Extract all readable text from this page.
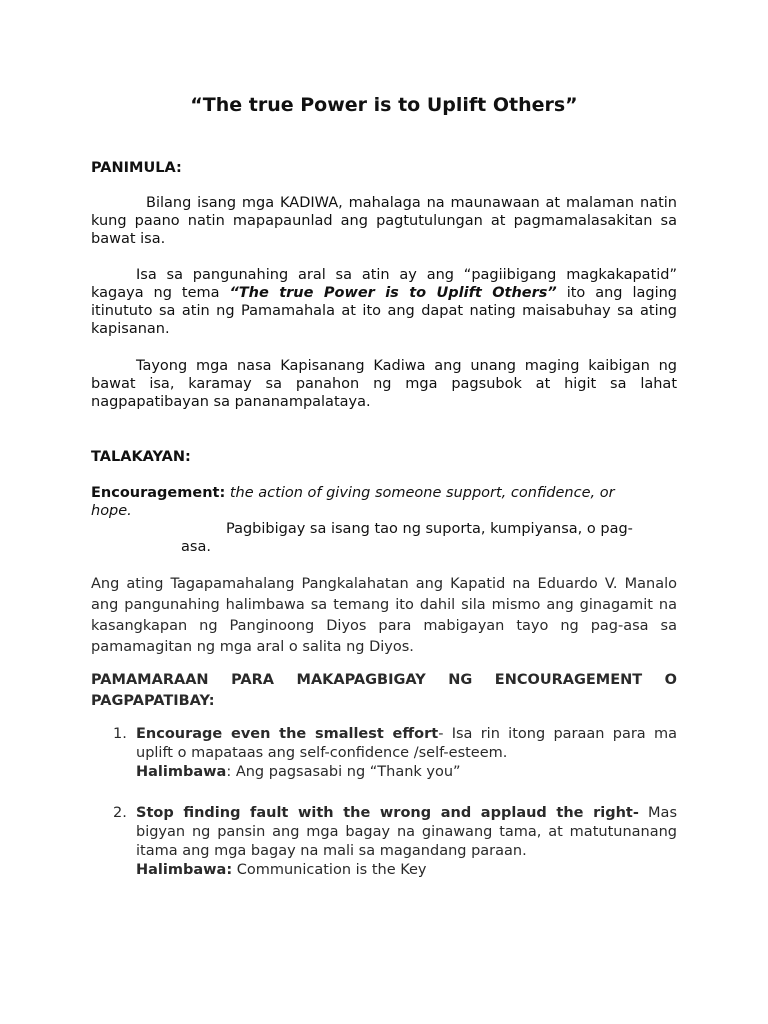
“The true Power is to Uplift Others”
PANIMULA:
Bilang isang mga KADIWA, mahalaga na maunawaan at malaman natin kung paano natin mapapaunlad ang pagtutulungan at pagmamalasakitan sa bawat isa.
Isa sa pangunahing aral sa atin ay ang “pagiibigang magkakapatid” kagaya ng tema “The true Power is to Uplift Others” ito ang laging itinututo sa atin ng Pamamahala at ito ang dapat nating maisabuhay sa ating kapisanan.
Tayong mga nasa Kapisanang Kadiwa ang unang maging kaibigan ng bawat isa, karamay sa panahon ng mga pagsubok at higit sa lahat nagpapatibayan sa pananampalataya.
TALAKAYAN:
Encouragement: the action of giving someone support, confidence, or
hope.
Pagbibigay sa isang tao ng suporta, kumpiyansa, o pag-
asa.
Ang ating Tagapamahalang Pangkalahatan ang Kapatid na Eduardo V. Manalo ang pangunahing halimbawa sa temang ito dahil sila mismo ang ginagamit na kasangkapan ng Panginoong Diyos para mabigayan tayo ng pag-asa sa pamamagitan ng mga aral o salita ng Diyos.
PAMAMARAAN PARA MAKAPAGBIGAY NG ENCOURAGEMENT O
PAGPAPATIBAY:
1. Encourage even the smallest effort- Isa rin itong paraan para ma uplift o mapataas ang self-confidence /self-esteem.
Halimbawa: Ang pagsasabi ng “Thank you”
2. Stop finding fault with the wrong and applaud the right- Mas bigyan ng pansin ang mga bagay na ginawang tama, at matutunanang itama ang mga bagay na mali sa magandang paraan.
Halimbawa: Communication is the Key
